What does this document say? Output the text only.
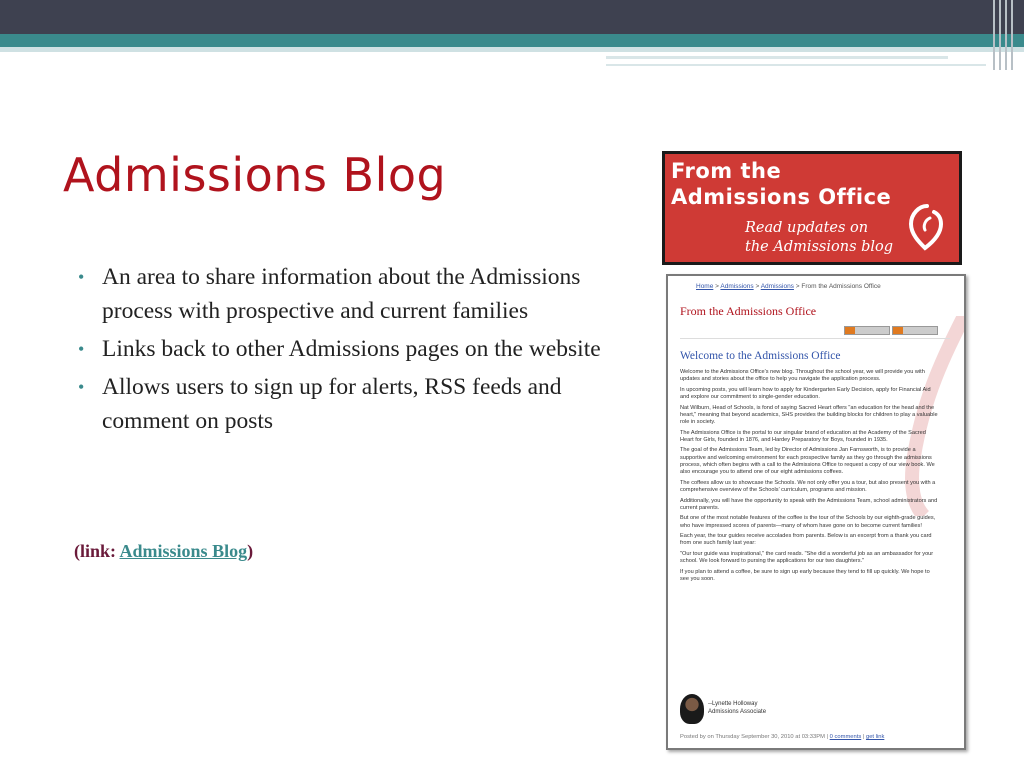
Admissions Blog
• An area to share information about the Admissions process with prospective and current families
• Links back to other Admissions pages on the website
• Allows users to sign up for alerts, RSS feeds and comment on posts
(link: Admissions Blog)
From the
Admissions Office
Read updates on
the Admissions blog
Home > Admissions > Admissions > From the Admissions Office
From the Admissions Office
Welcome to the Admissions Office

Welcome to the Admissions Office's new blog. Throughout the school year, we will provide you with updates and stories about the office to help you navigate the application process.

In upcoming posts, you will learn how to apply for Kindergarten Early Decision, apply for Financial Aid and explore our commitment to single-gender education.

Nat Wilburn, Head of Schools, is fond of saying Sacred Heart offers "an education for the head and the heart," meaning that beyond academics, SHS provides the building blocks for children to play a valuable role in society.

The Admissions Office is the portal to our singular brand of education at the Academy of the Sacred Heart for Girls, founded in 1876, and Hardey Preparatory for Boys, founded in 1935.

The goal of the Admissions Team, led by Director of Admissions Jan Farnsworth, is to provide a supportive and welcoming environment for each prospective family as they go through the admissions process, which often begins with a call to the Admissions Office to request a copy of our view book. We also encourage you to attend one of our eight admissions coffees.

The coffees allow us to showcase the Schools. We not only offer you a tour, but also present you with a comprehensive overview of the Schools' curriculum, programs and mission.

Additionally, you will have the opportunity to speak with the Admissions Team, school administrators and current parents.

But one of the most notable features of the coffee is the tour of the Schools by our eighth-grade guides, who have impressed scores of parents—many of whom have gone on to become current families!

Each year, the tour guides receive accolades from parents. Below is an excerpt from a thank you card from one such family last year:

"Our tour guide was inspirational," the card reads. "She did a wonderful job as an ambassador for your school. We look forward to pursing the applications for our two daughters."

If you plan to attend a coffee, be sure to sign up early because they tend to fill up quickly. We hope to see you soon.

--Lynette Holloway
Admissions Associate
Posted by on Thursday September 30, 2010 at 03:33PM | 0 comments | get link
